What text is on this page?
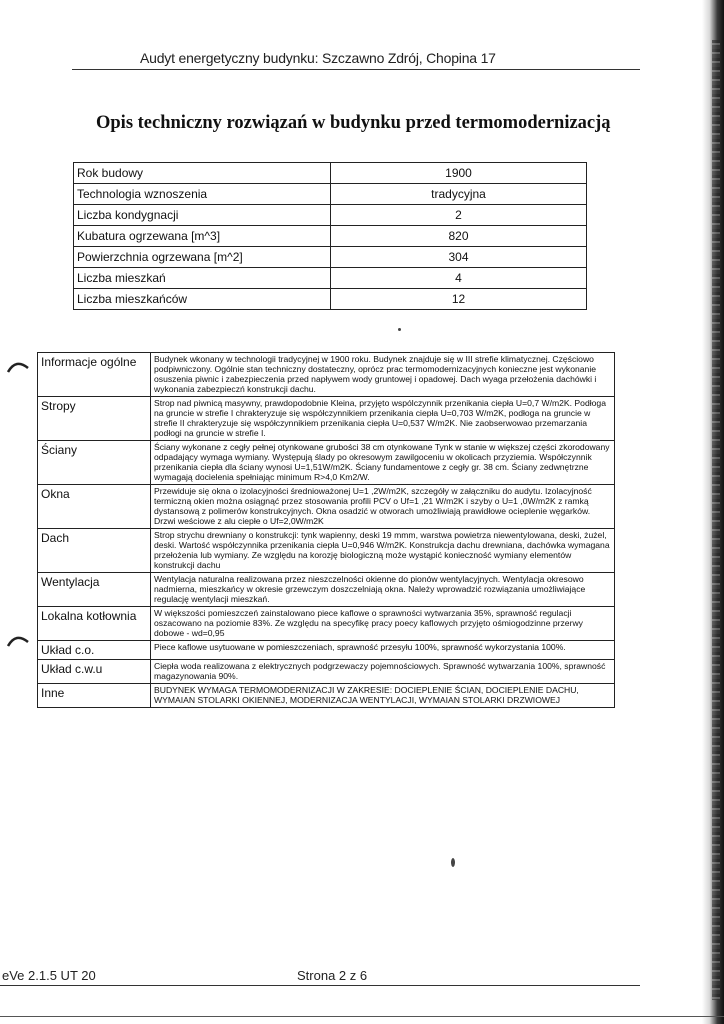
Audyt energetyczny budynku: Szczawno Zdrój, Chopina 17
Opis techniczny rozwiązań w budynku przed termomodernizacją
Rok budowy	1900
Technologia wznoszenia	tradycyjna
Liczba kondygnacji	2
Kubatura ogrzewana [m^3]	820
Powierzchnia ogrzewana [m^2]	304
Liczba mieszkań	4
Liczba mieszkańców	12
Informacje ogólne	Budynek wkonany w technologii tradycyjnej w 1900 roku. Budynek znajduje się w III strefie klimatycznej. Częściowo podpiwniczony. Ogólnie stan techniczny dostateczny, oprócz prac termomodernizacyjnych konieczne jest wykonanie osuszenia piwnic i zabezpieczenia przed napływem wody gruntowej i opadowej. Dach wyaga przełożenia dachówki i wykonania zabezpieczń konstrukcji dachu.
Stropy	Strop nad piwnicą masywny, prawdopodobnie Kleina, przyjęto wspólczynnik przenikania ciepła U=0,7 W/m2K. Podłoga na gruncie w strefie I chrakteryzuje się współczynnikiem przenikania ciepła U=0,703 W/m2K, podłoga na gruncie w strefie II chrakteryzuje się współczynnikiem przenikania ciepła U=0,537 W/m2K. Nie zaobserwowao przemarzania podłogi na gruncie w strefie I.
Ściany	Ściany wykonane z cegły pełnej otynkowane grubości 38 cm otynkowane Tynk w stanie w większej części zkorodowany odpadający wymaga wymiany. Występują ślady po okresowym zawilgoceniu w okolicach przyziemia. Współczynnik przenikania ciepła dla ściany wynosi U=1,51W/m2K. Ściany fundamentowe z cegły gr. 38 cm. Ściany zedwnętrzne wymagają docielenia spełniając minimum R>4,0 Km2/W.
Okna	Przewiduje się okna o izolacyjności średnioważonej U=1 ,2W/m2K, szczegóły w załączniku do audytu. Izolacyjność termiczną okien można osiągnąć przez stosowania profili PCV o Uf=1 ,21 W/m2K i szyby o U=1 ,0W/m2K z ramką dystansową z polimerów konstrukcyjnych. Okna osadzić w otworach umożliwiają prawidłowe ocieplenie węgarków. Drzwi weściowe z alu ciepłe o Uf=2,0W/m2K
Dach	Strop strychu drewniany o konstrukcji: tynk wapienny, deski 19 mmm, warstwa powietrza niewentylowana, deski, żużel, deski. Wartość współczynnika przenikania ciepła U=0,946 W/m2K. Konstrukcja dachu drewniana, dachówka wymagana przełożenia lub wymiany. Ze względu na korozję biologiczną może wystąpić konieczność wymiany elementów konstrukcji dachu
Wentylacja	Wentylacja naturalna realizowana przez nieszczelności okienne do pionów wentylacyjnych. Wentylacja okresowo nadmierna, mieszkańcy w okresie grzewczym doszczelniają okna. Należy wprowadzić rozwiązania umożliwiające regulację wentylacji mieszkań.
Lokalna kotłownia	W większości pomieszczeń zainstalowano piece kaflowe o sprawności wytwarzania 35%, sprawność regulacji oszacowano na poziomie 83%. Ze względu na specyfikę pracy poecy kaflowych przyjęto ośmiogodzinne przerwy dobowe - wd=0,95
Układ c.o.	Piece kaflowe usytuowane w pomieszczeniach, sprawność przesyłu 100%, sprawność wykorzystania 100%.
Układ c.w.u	Ciepła woda realizowana z elektrycznych podgrzewaczy pojemnościowych. Sprawność wytwarzania 100%, sprawność magazynowania 90%.
Inne	BUDYNEK WYMAGA TERMOMODERNIZACJI W ZAKRESIE: DOCIEPLENIE ŚCIAN, DOCIEPLENIE DACHU, WYMAIAN STOLARKI OKIENNEJ, MODERNIZACJA WENTYLACJI, WYMAIAN STOLARKI DRZWIOWEJ
eVe 2.1.5 UT 20	Strona 2 z 6
